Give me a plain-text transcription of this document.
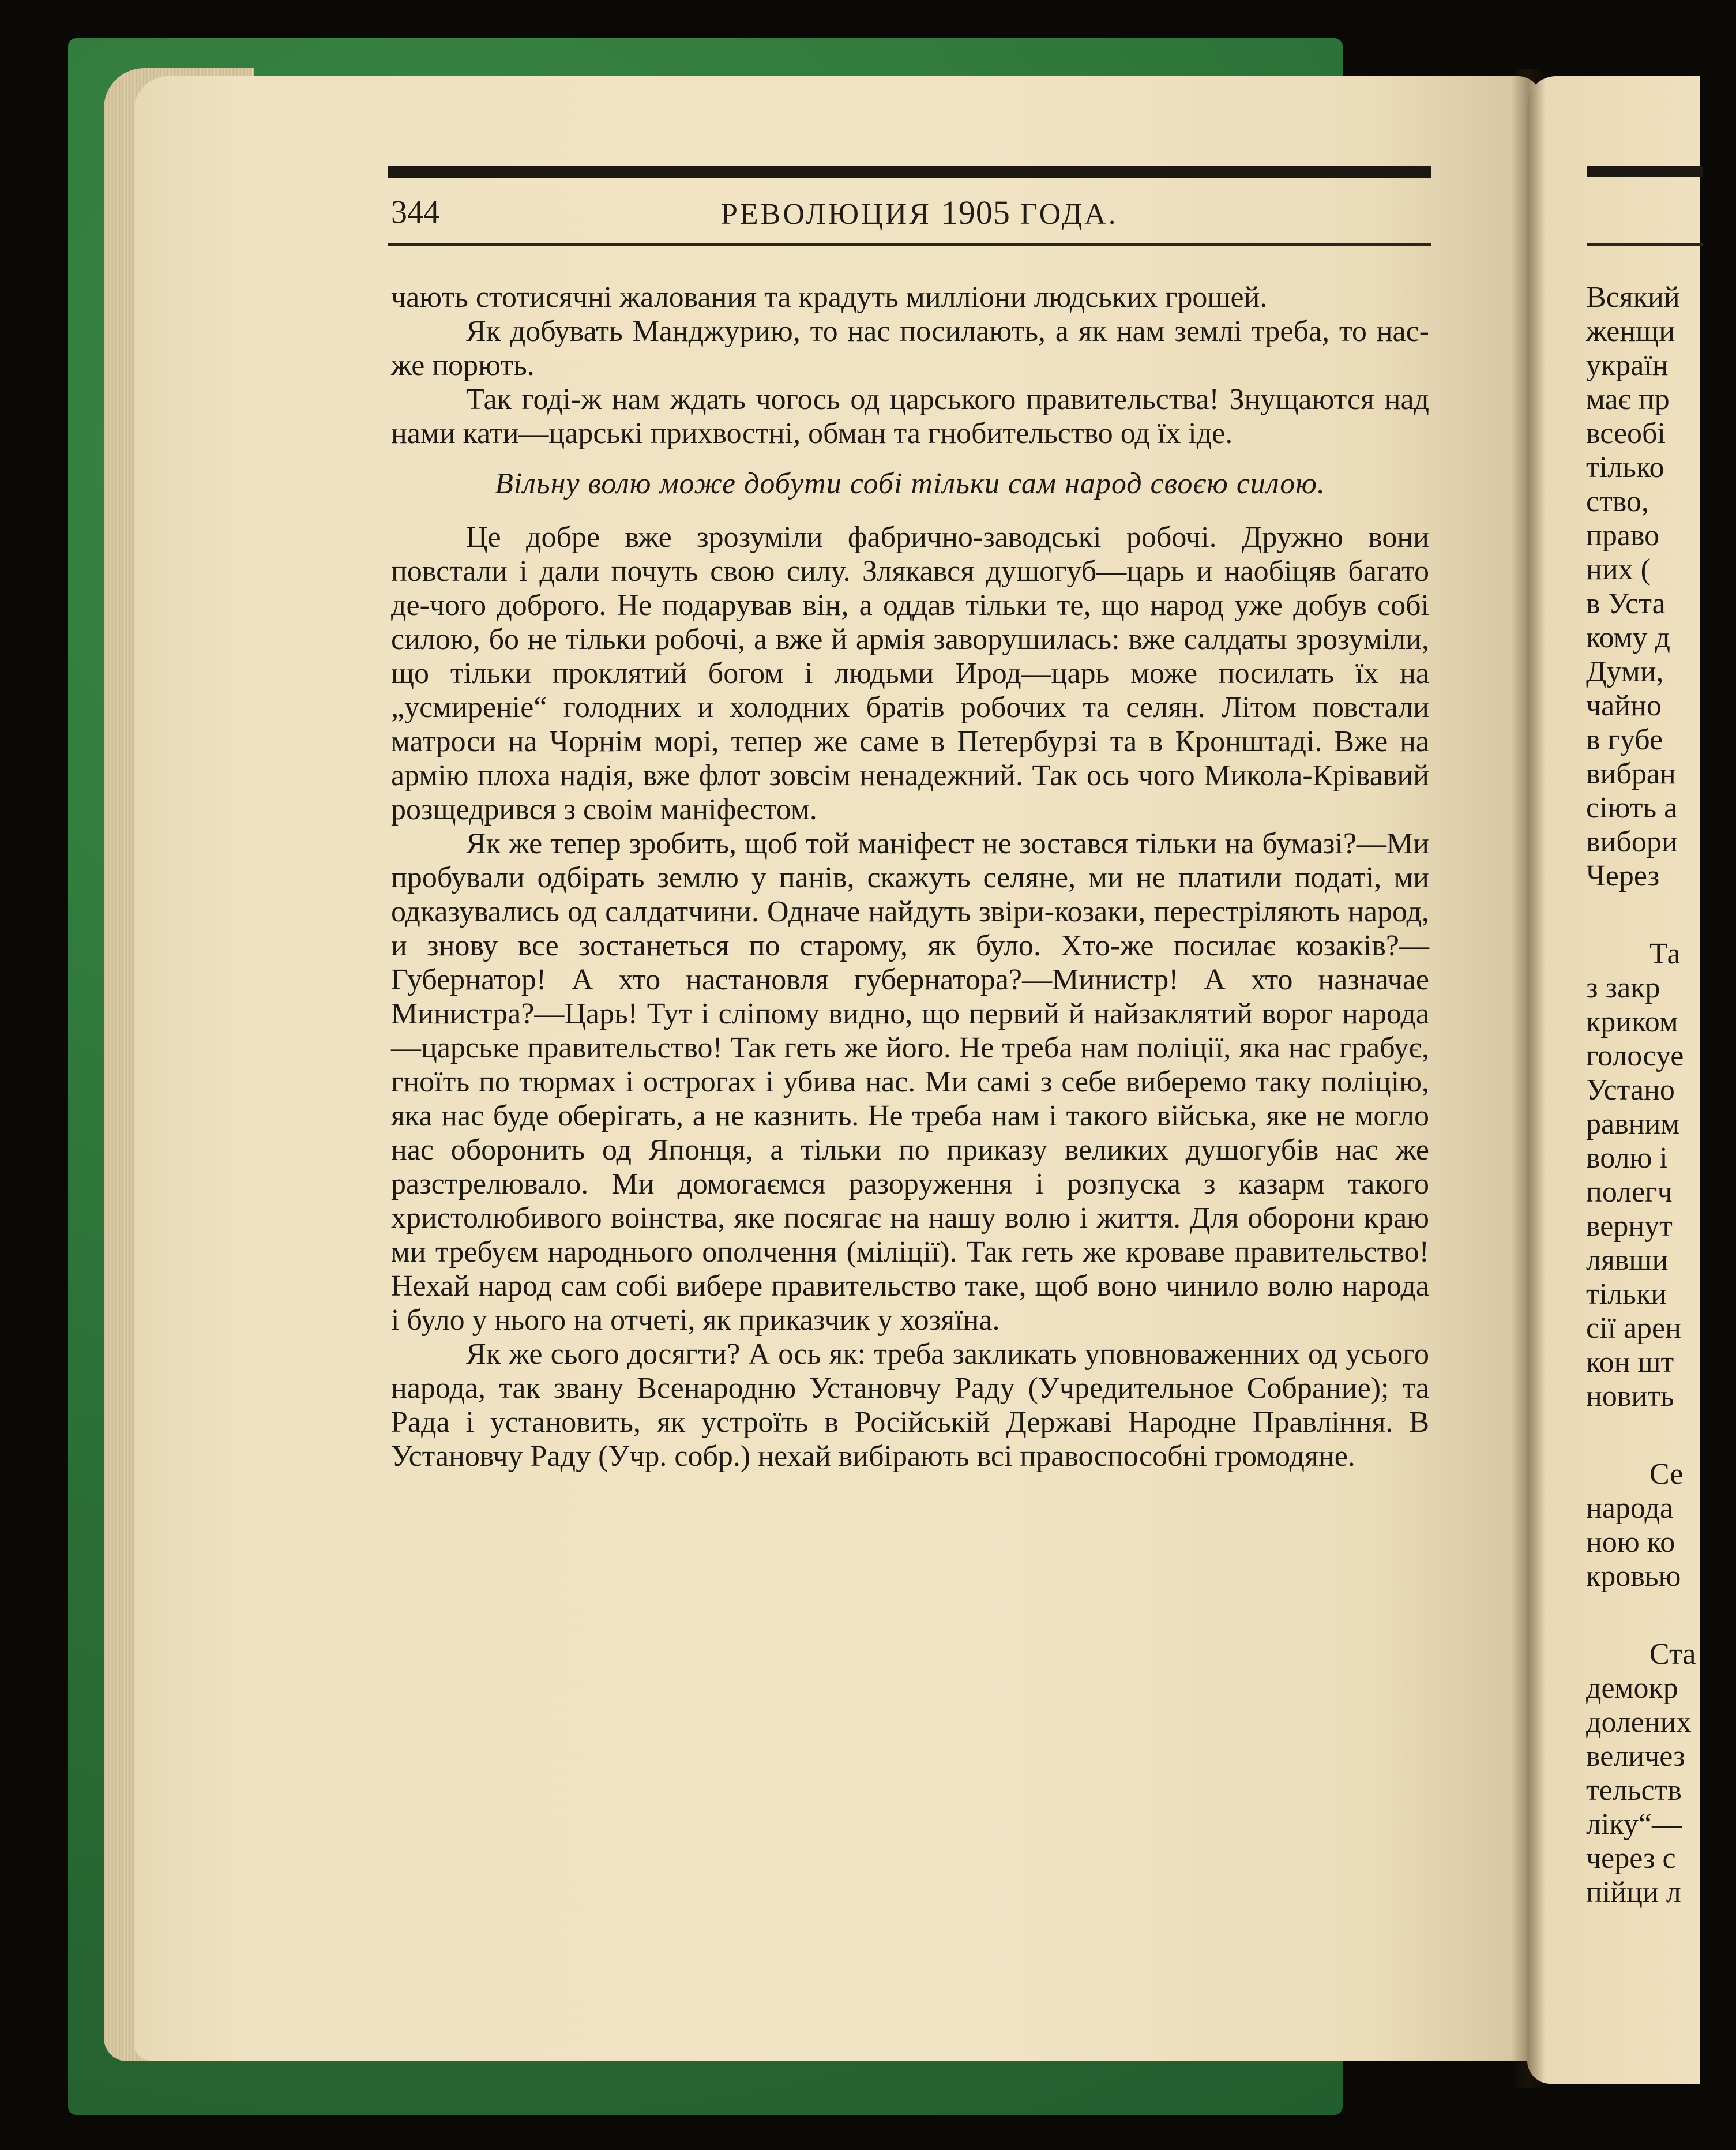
344	РЕВОЛЮЦИЯ 1905 ГОДА.

чають стотисячні жалования та крадуть милліони людських грошей.

Як добувать Манджурию, то нас посилають, а як нам землі треба, то нас-же порють.

Так годі-ж нам ждать чогось од царського правительства! Знущаются над нами кати—царські прихвостні, обман та гнобительство од їх іде.

Вільну волю може добути собі тільки сам народ своєю силою.

Це добре вже зрозуміли фабрично-заводські робочі. Дружно вони повстали і дали почуть свою силу. Злякався душогуб—царь и наобіцяв багато де-чого доброго. Не подарував він, а оддав тільки те, що народ уже добув собі силою, бо не тільки робочі, а вже й армія заворушилась: вже салдаты зрозуміли, що тільки проклятий богом і людьми Ирод—царь може посилать їх на „усмиреніе“ голодних и холодних братів робочих та селян. Літом повстали матроси на Чорнім морі, тепер же саме в Петербурзі та в Кронштаді. Вже на армію плоха надія, вже флот зовсім ненадежний. Так ось чого Микола-Крівавий розщедрився з своім маніфестом.

Як же тепер зробить, щоб той маніфест не зостався тільки на бумазі?—Ми пробували одбірать землю у панів, скажуть селяне, ми не платили податі, ми одказувались од салдатчини. Одначе найдуть звіри-козаки, перестріляють народ, и знову все зостанеться по старому, як було. Хто-же посилає козаків?—Губернатор! А хто настановля губернатора?—Министр! А хто назначае Министра?—Царь! Тут і сліпому видно, що первий й найзаклятий ворог народа—царське правительство! Так геть же його. Не треба нам поліції, яка нас грабує, гноїть по тюрмах і острогах і убива нас. Ми самі з себе виберемо таку поліцію, яка нас буде оберігать, а не казнить. Не треба нам і такого війська, яке не могло нас оборонить од Японця, а тільки по приказу великих душогубів нас же разстрелювало. Ми домогаємся разоруження і розпуска з казарм такого христолюбивого воінства, яке посягає на нашу волю і життя. Для оборони краю ми требуєм народнього ополчення (міліції). Так геть же кроваве правительство! Нехай народ сам собі вибере правительство таке, щоб воно чинило волю народа і було у нього на отчеті, як приказчик у хозяїна.

Як же сього досягти? А ось як: треба закликать уповноваженних од усього народа, так звану Всенародню Установчу Раду (Учредительное Собрание); та Рада і установить, як устроїть в Російській Державі Народне Правління. В Установчу Раду (Учр. собр.) нехай вибірають всі правоспособні громодяне.

Всякий
женщи
україн
має пр
всеобі
тілько
ство,
право
них (
в Уста
кому д
Думи,
чайно
в губе
вибран
сіють а
вибори
Через
Та
з закр
криком
голосуе
Устано
равним
волю і
полегч
вернут
лявши
тільки
сії арен
кон шт
новить
Се
народа
ною ко
кровью
Ста
демокр
долених
величез
тельств
ліку“—
через с
пійци л
